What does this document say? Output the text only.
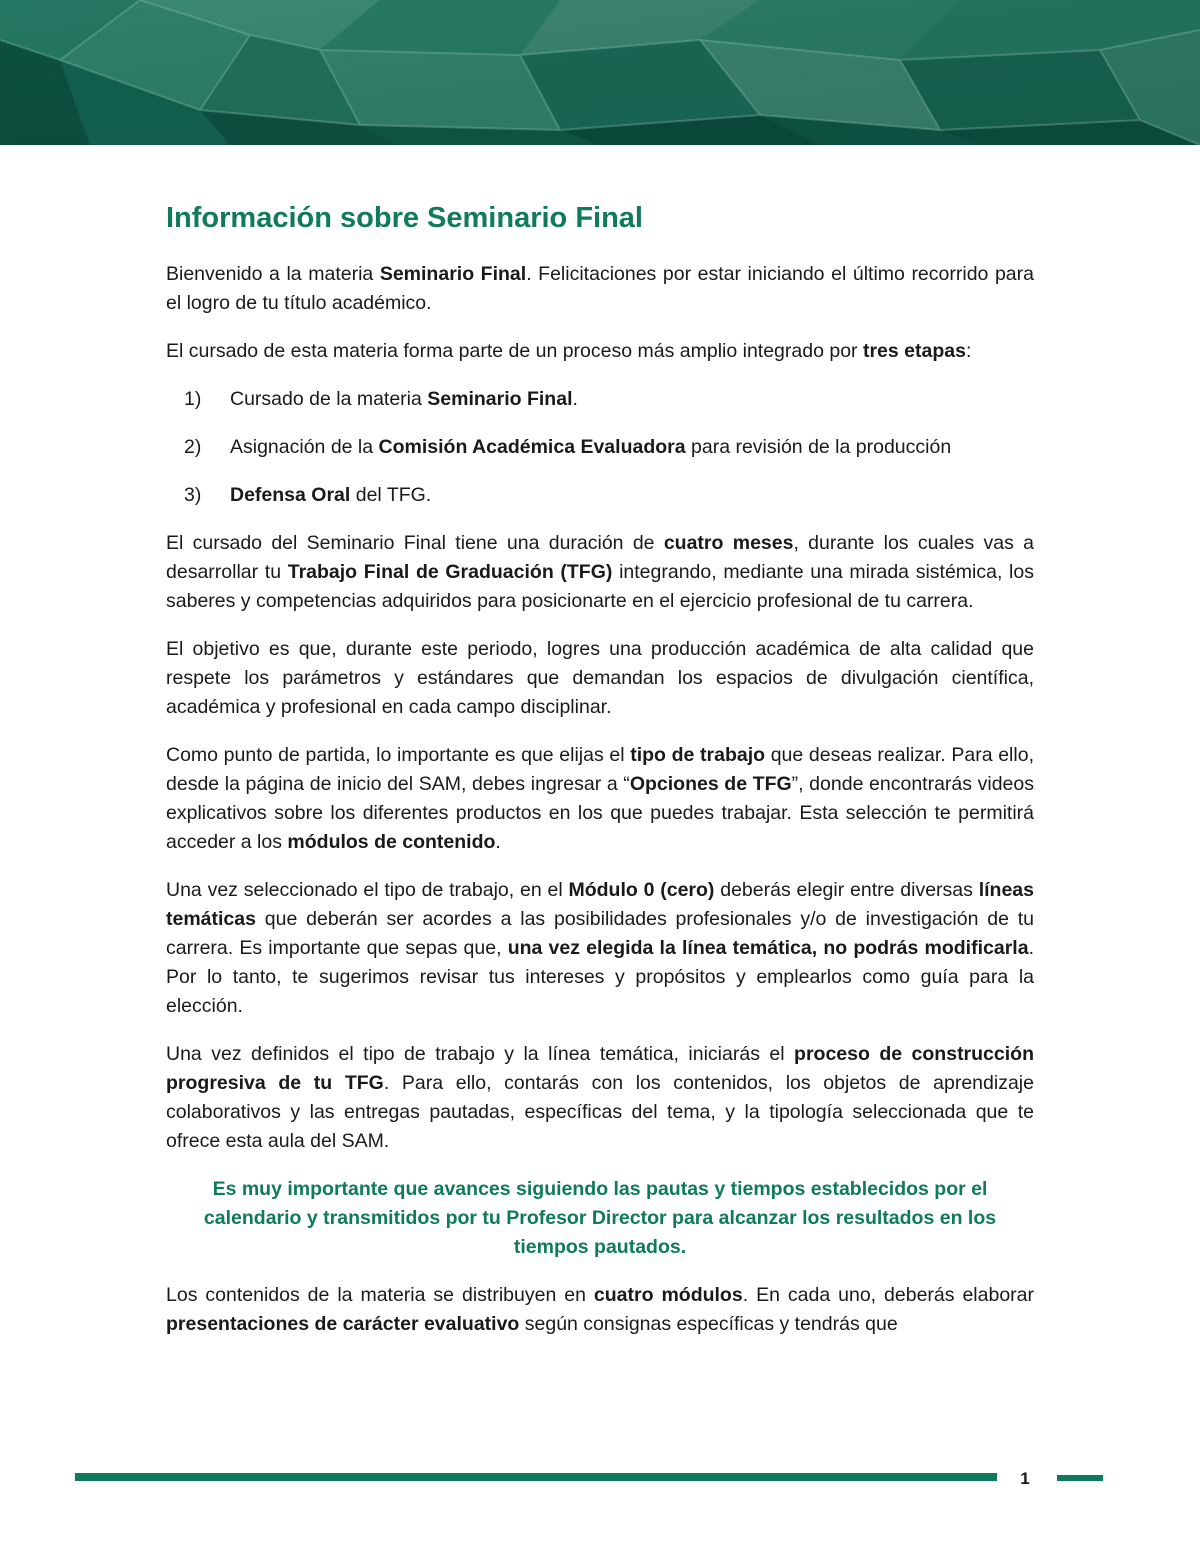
Información sobre Seminario Final

Bienvenido a la materia Seminario Final. Felicitaciones por estar iniciando el último recorrido para el logro de tu título académico.

El cursado de esta materia forma parte de un proceso más amplio integrado por tres etapas:

1)	Cursado de la materia Seminario Final.
2)	Asignación de la Comisión Académica Evaluadora para revisión de la producción
3)	Defensa Oral del TFG.

El cursado del Seminario Final tiene una duración de cuatro meses, durante los cuales vas a desarrollar tu Trabajo Final de Graduación (TFG) integrando, mediante una mirada sistémica, los saberes y competencias adquiridos para posicionarte en el ejercicio profesional de tu carrera.

El objetivo es que, durante este periodo, logres una producción académica de alta calidad que respete los parámetros y estándares que demandan los espacios de divulgación científica, académica y profesional en cada campo disciplinar.

Como punto de partida, lo importante es que elijas el tipo de trabajo que deseas realizar. Para ello, desde la página de inicio del SAM, debes ingresar a “Opciones de TFG”, donde encontrarás videos explicativos sobre los diferentes productos en los que puedes trabajar. Esta selección te permitirá acceder a los módulos de contenido.

Una vez seleccionado el tipo de trabajo, en el Módulo 0 (cero) deberás elegir entre diversas líneas temáticas que deberán ser acordes a las posibilidades profesionales y/o de investigación de tu carrera. Es importante que sepas que, una vez elegida la línea temática, no podrás modificarla. Por lo tanto, te sugerimos revisar tus intereses y propósitos y emplearlos como guía para la elección.

Una vez definidos el tipo de trabajo y la línea temática, iniciarás el proceso de construcción progresiva de tu TFG. Para ello, contarás con los contenidos, los objetos de aprendizaje colaborativos y las entregas pautadas, específicas del tema, y la tipología seleccionada que te ofrece esta aula del SAM.

Es muy importante que avances siguiendo las pautas y tiempos establecidos por el calendario y transmitidos por tu Profesor Director para alcanzar los resultados en los tiempos pautados.

Los contenidos de la materia se distribuyen en cuatro módulos. En cada uno, deberás elaborar presentaciones de carácter evaluativo según consignas específicas y tendrás que

1
